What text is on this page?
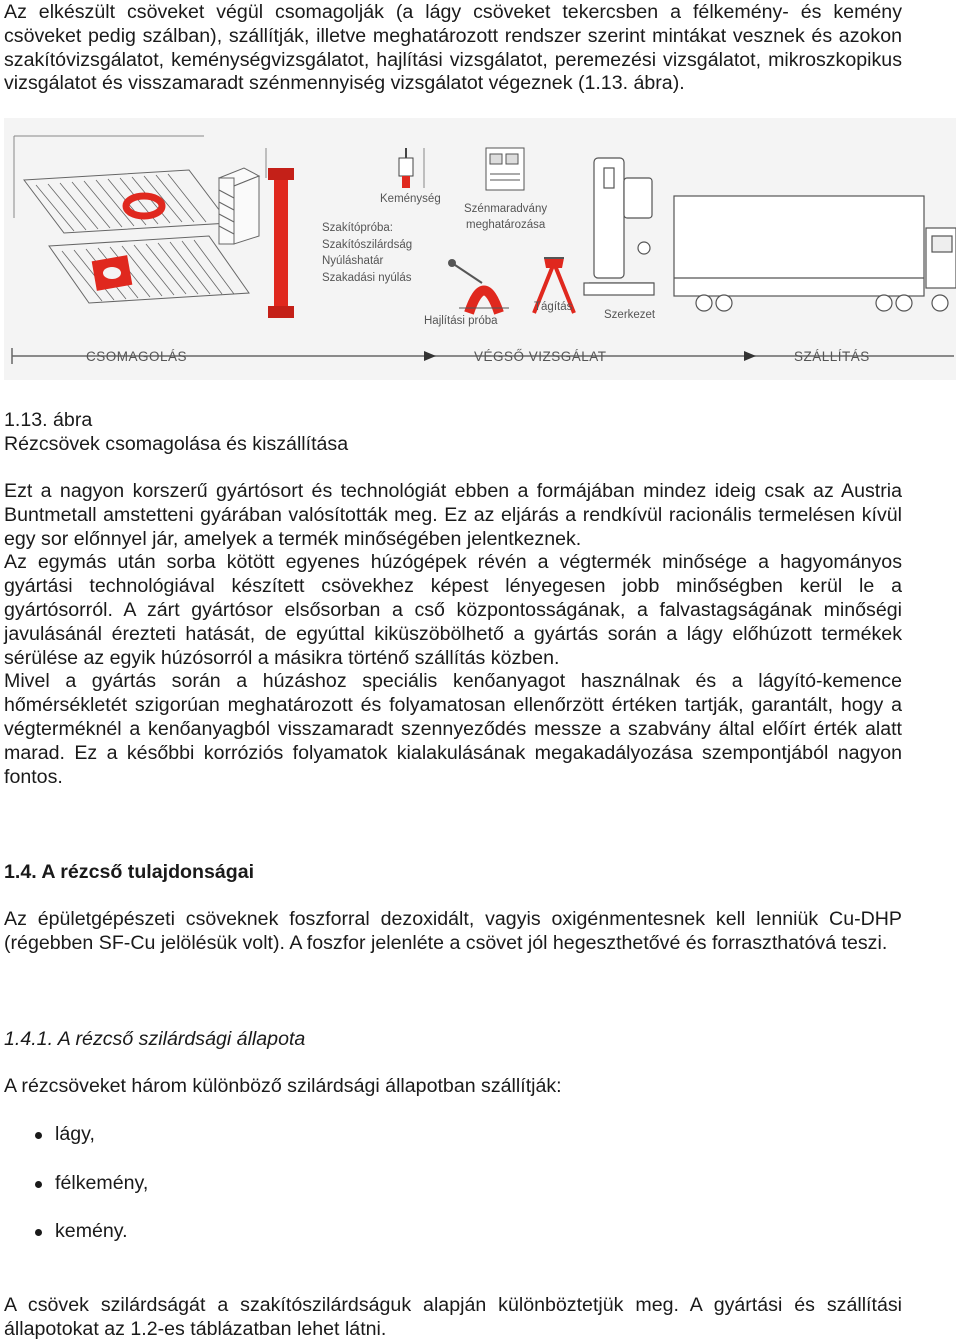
Az elkészült csöveket végül csomagolják (a lágy csöveket tekercsben a félkemény- és kemény csöveket pedig szálban), szállítják, illetve meghatározott rendszer szerint mintákat vesznek és azokon szakítóvizsgálatot, keménységvizsgálatot, hajlítási vizsgálatot, peremezési vizsgálatot, mikroszkopikus vizsgálatot és visszamaradt szénmennyiség vizsgálatot végeznek (1.13. ábra).

CSOMAGOLÁS	VÉGSŐ VIZSGÁLAT	SZÁLLÍTÁS
Keménység
Szénmaradvány
meghatározása
Szakítópróba:
Szakítószilárdság
Nyúláshatár
Szakadási nyúlás
Tágítás
Szerkezet
Hajlítási próba
1.13. ábra
Rézcsövek csomagolása és kiszállítása

Ezt a nagyon korszerű gyártósort és technológiát ebben a formájában mindez ideig csak az Austria Buntmetall amstetteni gyárában valósították meg. Ez az eljárás a rendkívül racionális termelésen kívül egy sor előnnyel jár, amelyek a termék minőségében jelentkeznek.

Az egymás után sorba kötött egyenes húzógépek révén a végtermék minősége a hagyományos gyártási technológiával készített csövekhez képest lényegesen jobb minőségben kerül le a gyártósorról. A zárt gyártósor elsősorban a cső központosságának, a falvastagságának minőségi javulásánál érezteti hatását, de egyúttal kiküszöbölhető a gyártás során a lágy előhúzott termékek sérülése az egyik húzósorról a másikra történő szállítás közben.

Mivel a gyártás során a húzáshoz speciális kenőanyagot használnak és a lágyító-kemence hőmérsékletét szigorúan meghatározott és folyamatosan ellenőrzött értéken tartják, garantált, hogy a végterméknél a kenőanyagból visszamaradt szennyeződés messze a szabvány által előírt érték alatt marad. Ez a későbbi korróziós folyamatok kialakulásának megakadályozása szempontjából nagyon fontos.

1.4. A rézcső tulajdonságai

Az épületgépészeti csöveknek foszforral dezoxidált, vagyis oxigénmentesnek kell lenniük Cu-DHP (régebben SF-Cu jelölésük volt). A foszfor jelenléte a csövet jól hegeszthetővé és forraszthatóvá teszi.

1.4.1. A rézcső szilárdsági állapota
A rézcsöveket három különböző szilárdsági állapotban szállítják:
lágy,
félkemény,
kemény.

A csövek szilárdságát a szakítószilárdságuk alapján különböztetjük meg. A gyártási és szállítási állapotokat az 1.2-es táblázatban lehet látni.
